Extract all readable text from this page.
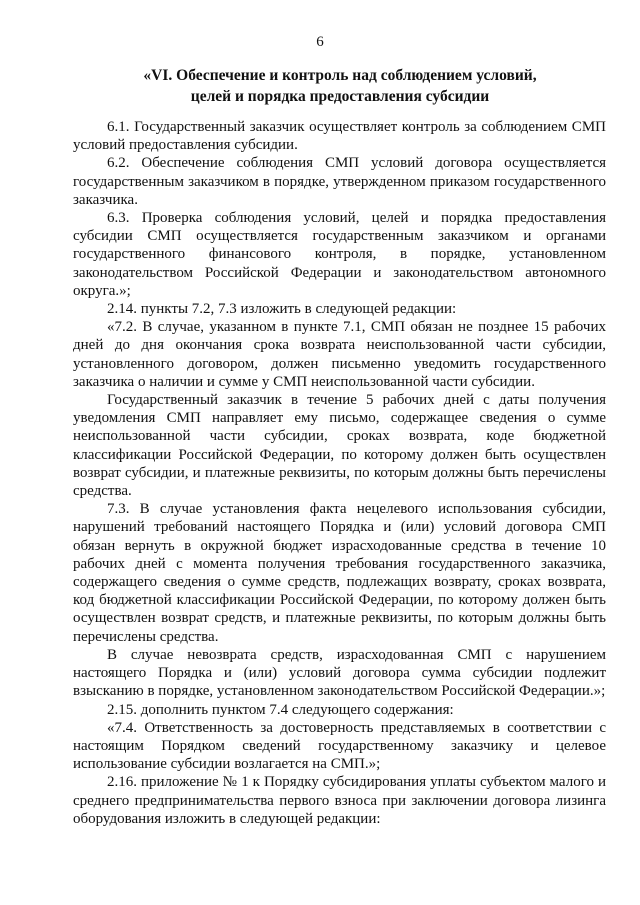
6
«VI. Обеспечение и контроль над соблюдением условий,
целей и порядка предоставления субсидии

6.1. Государственный заказчик осуществляет контроль за соблюдением СМП условий предоставления субсидии.

6.2. Обеспечение соблюдения СМП условий договора осуществляется государственным заказчиком в порядке, утвержденном приказом государственного заказчика.

6.3. Проверка соблюдения условий, целей и порядка предоставления субсидии СМП осуществляется государственным заказчиком и органами государственного финансового контроля, в порядке, установленном законодательством Российской Федерации и законодательством автономного округа.»;

2.14. пункты 7.2, 7.3 изложить в следующей редакции:

«7.2. В случае, указанном в пункте 7.1, СМП обязан не позднее 15 рабочих дней до дня окончания срока возврата неиспользованной части субсидии, установленного договором, должен письменно уведомить государственного заказчика о наличии и сумме у СМП неиспользованной части субсидии.

Государственный заказчик в течение 5 рабочих дней с даты получения уведомления СМП направляет ему письмо, содержащее сведения о сумме неиспользованной части субсидии, сроках возврата, коде бюджетной классификации Российской Федерации, по которому должен быть осуществлен возврат субсидии, и платежные реквизиты, по которым должны быть перечислены средства.

7.3. В случае установления факта нецелевого использования субсидии, нарушений требований настоящего Порядка и (или) условий договора СМП обязан вернуть в окружной бюджет израсходованные средства в течение 10 рабочих дней с момента получения требования государственного заказчика, содержащего сведения о сумме средств, подлежащих возврату, сроках возврата, код бюджетной классификации Российской Федерации, по которому должен быть осуществлен возврат средств, и платежные реквизиты, по которым должны быть перечислены средства.

В случае невозврата средств, израсходованная СМП с нарушением настоящего Порядка и (или) условий договора сумма субсидии подлежит взысканию в порядке, установленном законодательством Российской Федерации.»;

2.15. дополнить пунктом 7.4 следующего содержания:

«7.4. Ответственность за достоверность представляемых в соответствии с настоящим Порядком сведений государственному заказчику и целевое использование субсидии возлагается на СМП.»;

2.16. приложение № 1 к Порядку субсидирования уплаты субъектом малого и среднего предпринимательства первого взноса при заключении договора лизинга оборудования изложить в следующей редакции:
